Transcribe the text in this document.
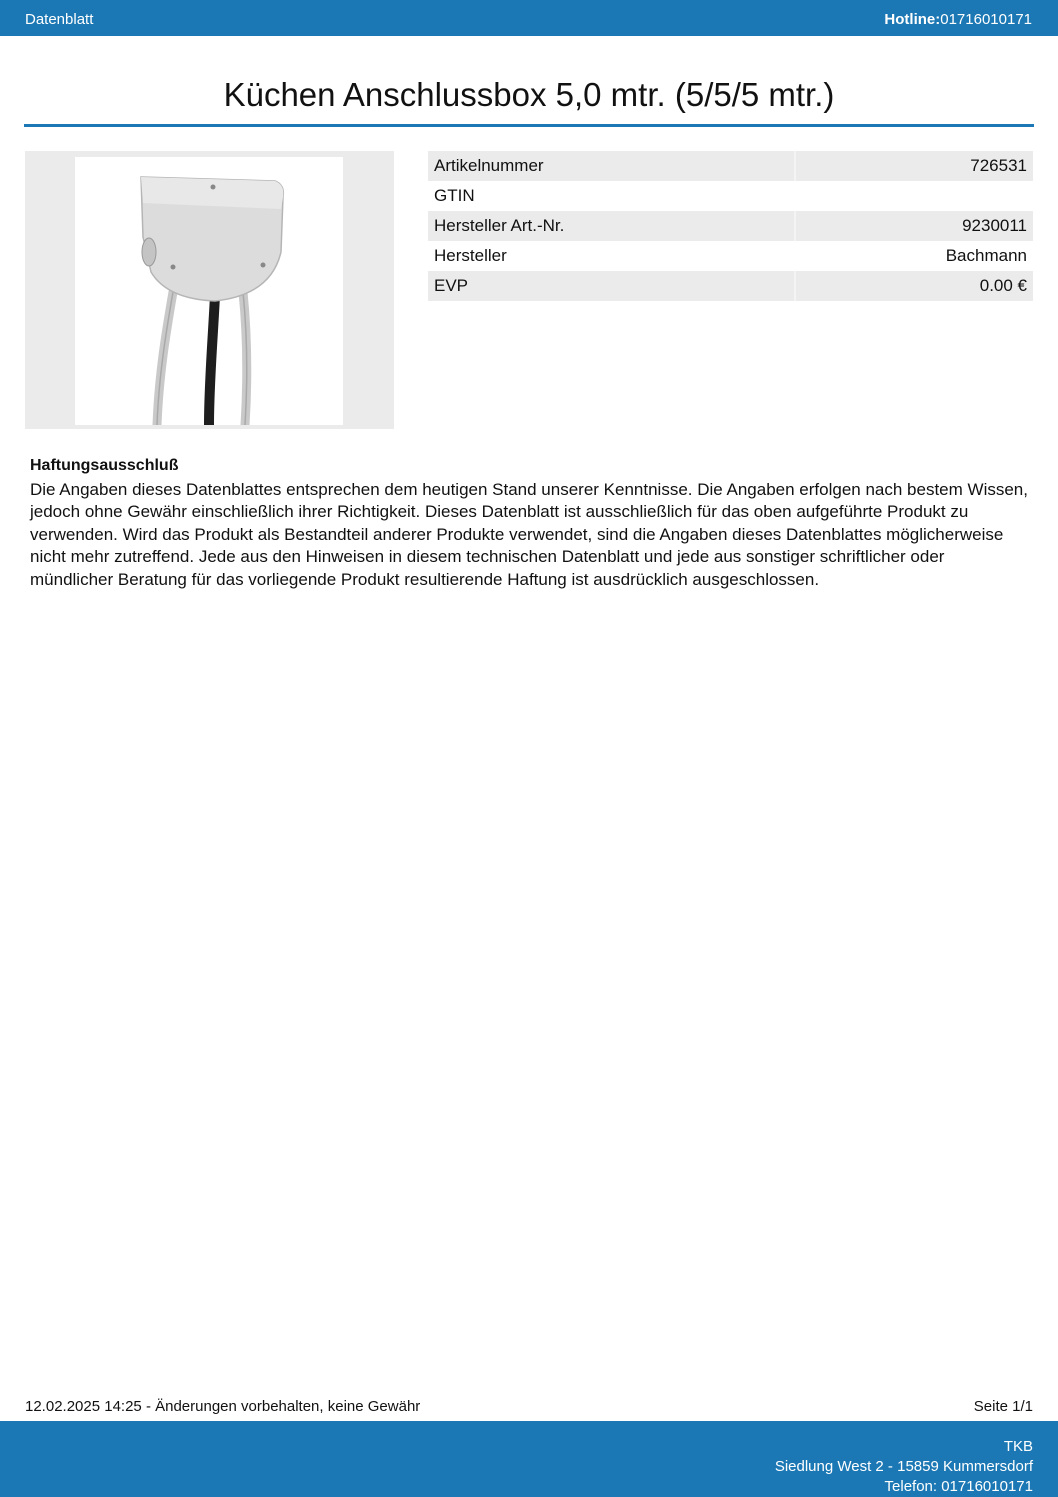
Datenblatt	Hotline:01716010171
Küchen Anschlussbox 5,0 mtr. (5/5/5 mtr.)
Artikelnummer	726531
GTIN	
Hersteller Art.-Nr.	9230011
Hersteller	Bachmann
EVP	0.00 €
Haftungsausschluß
Die Angaben dieses Datenblattes entsprechen dem heutigen Stand unserer Kenntnisse. Die Angaben erfolgen nach bestem Wissen, jedoch ohne Gewähr einschließlich ihrer Richtigkeit. Dieses Datenblatt ist ausschließlich für das oben aufgeführte Produkt zu verwenden. Wird das Produkt als Bestandteil anderer Produkte verwendet, sind die Angaben dieses Datenblattes möglicherweise nicht mehr zutreffend. Jede aus den Hinweisen in diesem technischen Datenblatt und jede aus sonstiger schriftlicher oder mündlicher Beratung für das vorliegende Produkt resultierende Haftung ist ausdrücklich ausgeschlossen.
12.02.2025 14:25 - Änderungen vorbehalten, keine Gewähr	Seite 1/1
TKB
Siedlung West 2 - 15859 Kummersdorf
Telefon: 01716010171
